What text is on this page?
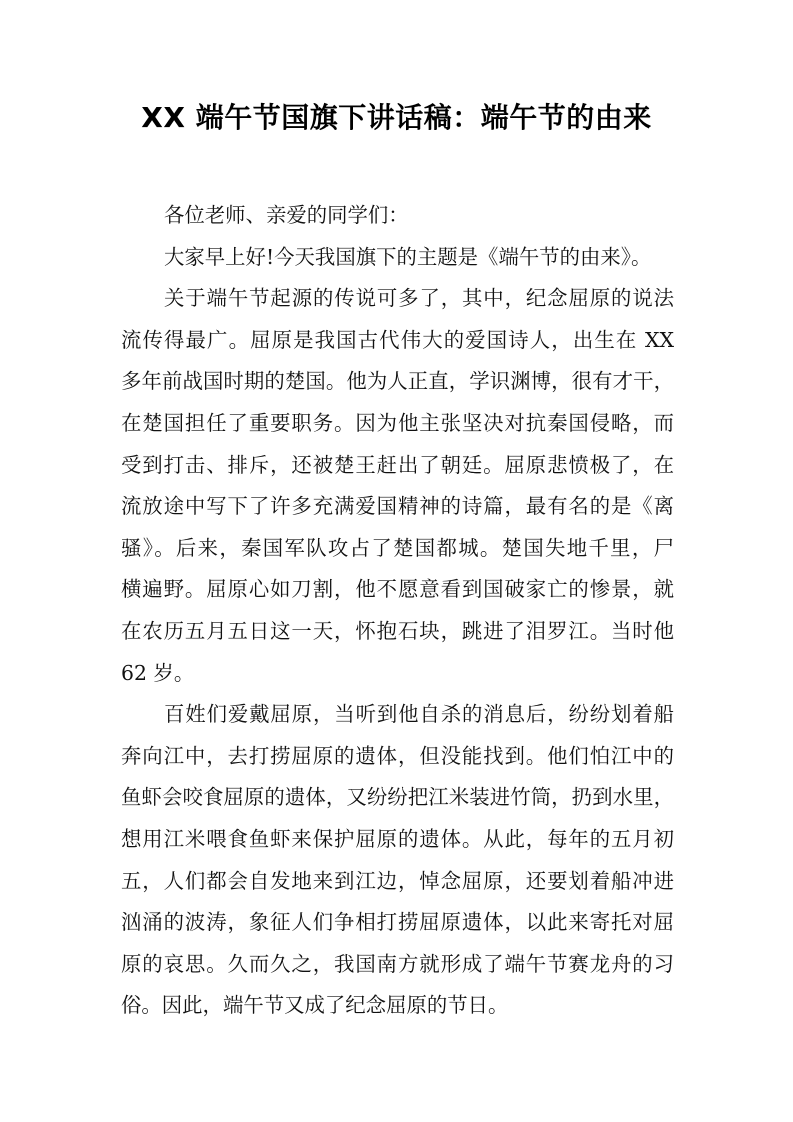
XX 端午节国旗下讲话稿：端午节的由来
各位老师、亲爱的同学们：
大家早上好!今天我国旗下的主题是《端午节的由来》。
关于端午节起源的传说可多了，其中，纪念屈原的说法
流传得最广。屈原是我国古代伟大的爱国诗人，出生在 XX
多年前战国时期的楚国。他为人正直，学识渊博，很有才干，
在楚国担任了重要职务。因为他主张坚决对抗秦国侵略，而
受到打击、排斥，还被楚王赶出了朝廷。屈原悲愤极了，在
流放途中写下了许多充满爱国精神的诗篇，最有名的是《离
骚》。后来，秦国军队攻占了楚国都城。楚国失地千里，尸
横遍野。屈原心如刀割，他不愿意看到国破家亡的惨景，就
在农历五月五日这一天，怀抱石块，跳进了泪罗江。当时他
62 岁。
百姓们爱戴屈原，当听到他自杀的消息后，纷纷划着船
奔向江中，去打捞屈原的遗体，但没能找到。他们怕江中的
鱼虾会咬食屈原的遗体，又纷纷把江米装进竹筒，扔到水里，
想用江米喂食鱼虾来保护屈原的遗体。从此，每年的五月初
五，人们都会自发地来到江边，悼念屈原，还要划着船冲进
汹涌的波涛，象征人们争相打捞屈原遗体，以此来寄托对屈
原的哀思。久而久之，我国南方就形成了端午节赛龙舟的习
俗。因此，端午节又成了纪念屈原的节日。
